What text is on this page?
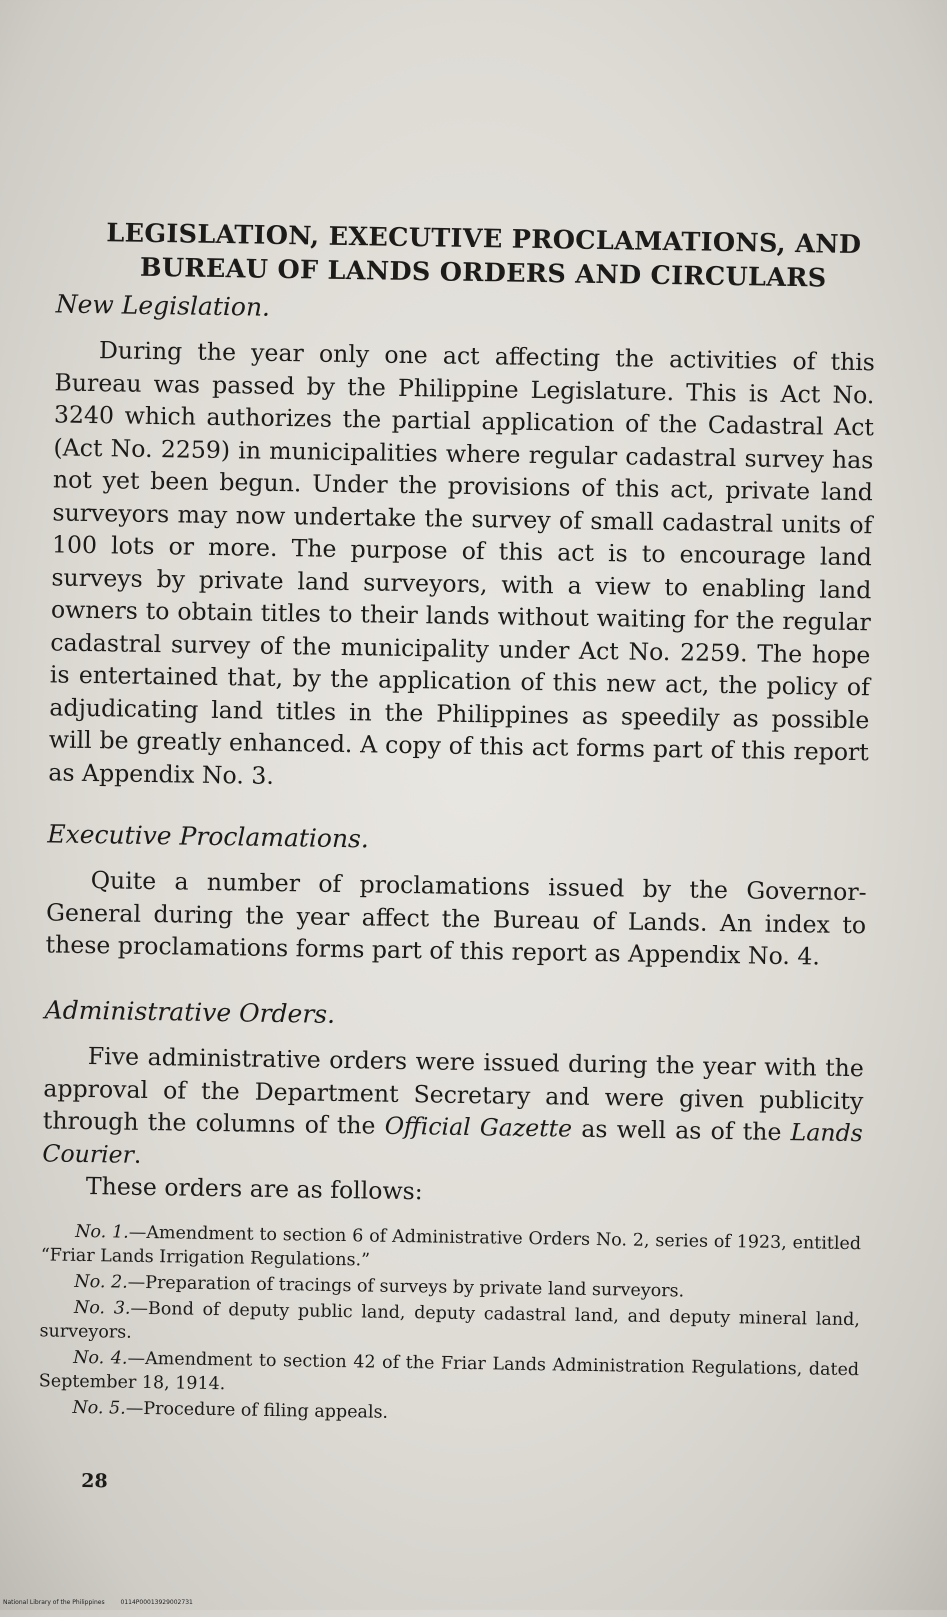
LEGISLATION, EXECUTIVE PROCLAMATIONS, AND
BUREAU OF LANDS ORDERS AND CIRCULARS
New Legislation.

During the year only one act affecting the activities of this Bureau was passed by the Philippine Legislature. This is Act No. 3240 which authorizes the partial application of the Cadastral Act (Act No. 2259) in municipalities where regular cadastral survey has not yet been begun. Under the provisions of this act, private land surveyors may now undertake the survey of small cadastral units of 100 lots or more. The purpose of this act is to encourage land surveys by private land surveyors, with a view to enabling land owners to obtain titles to their lands without waiting for the regular cadastral survey of the municipality under Act No. 2259. The hope is entertained that, by the application of this new act, the policy of adjudicating land titles in the Philippines as speedily as possible will be greatly enhanced. A copy of this act forms part of this report as Appendix No. 3.

Executive Proclamations.

Quite a number of proclamations issued by the Governor-General during the year affect the Bureau of Lands. An index to these proclamations forms part of this report as Appendix No. 4.

Administrative Orders.

Five administrative orders were issued during the year with the approval of the Department Secretary and were given publicity through the columns of the Official Gazette as well as of the Lands Courier.

These orders are as follows:

No. 1.—Amendment to section 6 of Administrative Orders No. 2, series of 1923, entitled “Friar Lands Irrigation Regulations.”

No. 2.—Preparation of tracings of surveys by private land surveyors.

No. 3.—Bond of deputy public land, deputy cadastral land, and deputy mineral land, surveyors.

No. 4.—Amendment to section 42 of the Friar Lands Administration Regulations, dated September 18, 1914.

No. 5.—Procedure of filing appeals.

28
National Library of the Philippines	0114P00013929002731
